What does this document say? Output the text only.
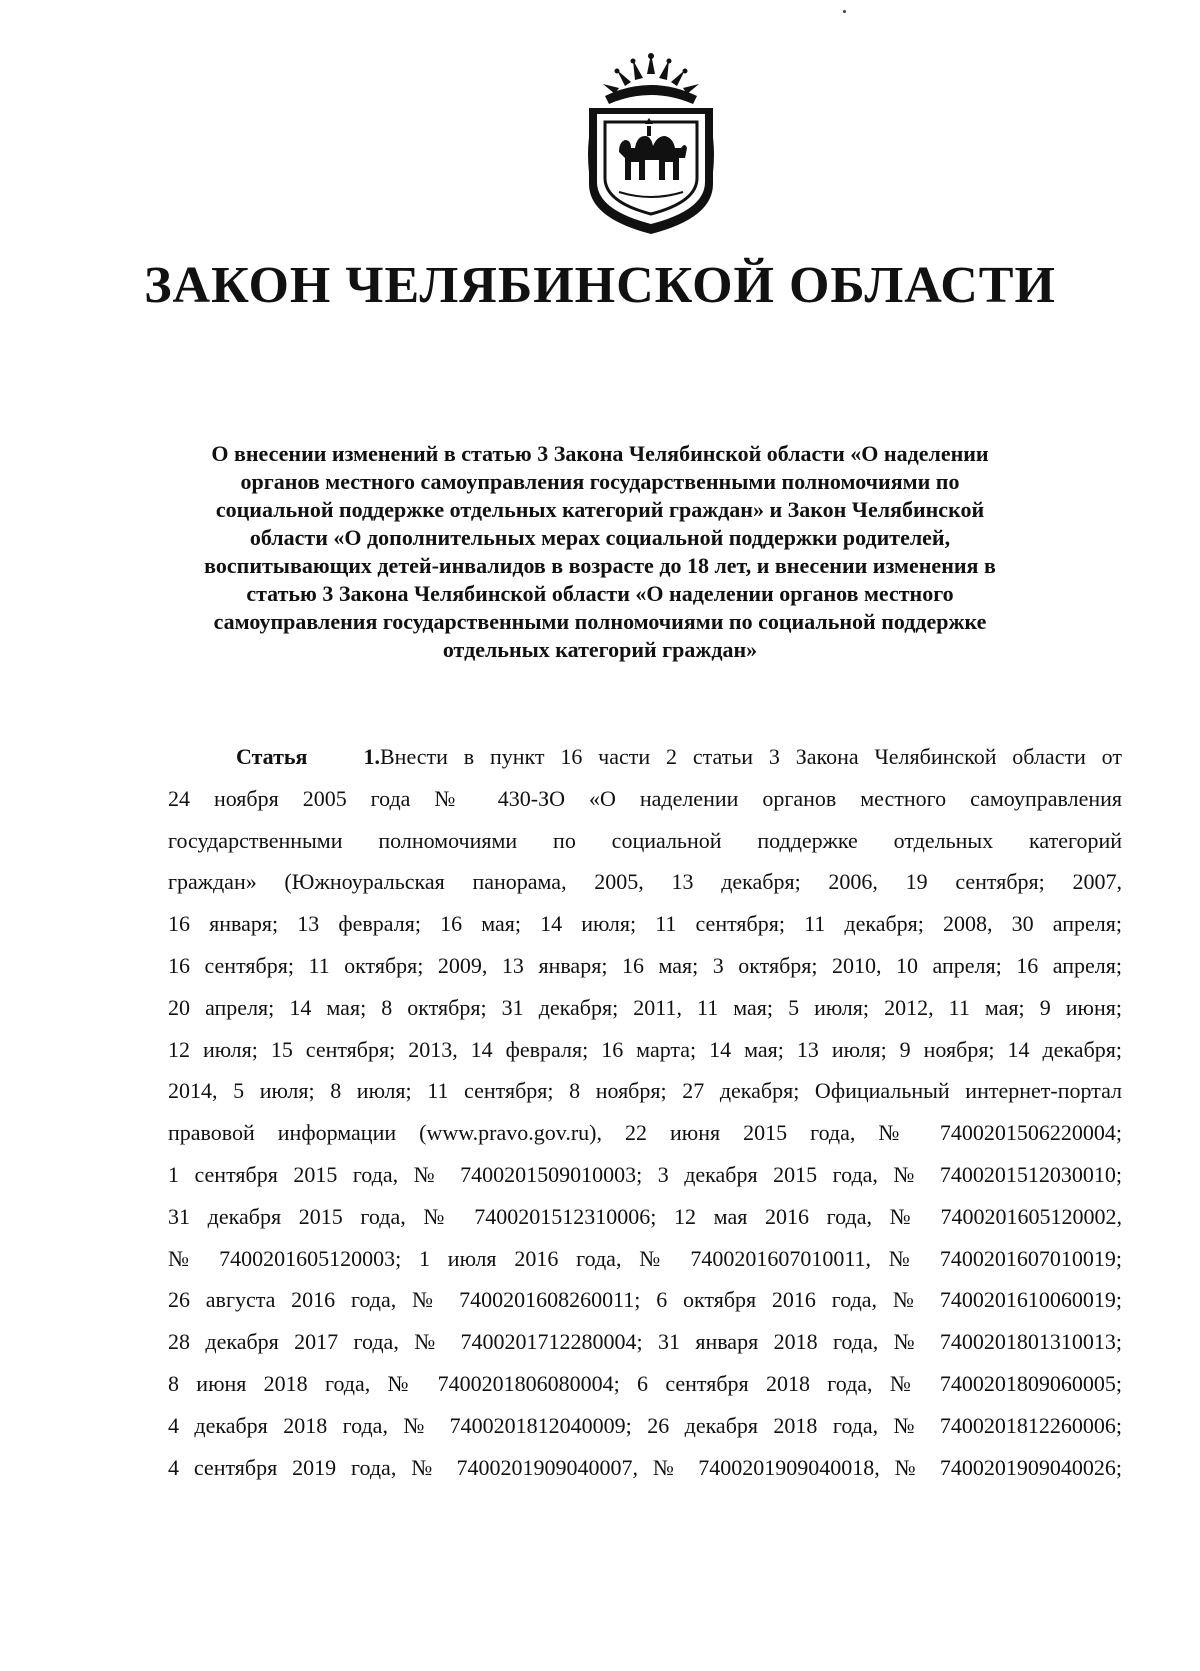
ЗАКОН ЧЕЛЯБИНСКОЙ ОБЛАСТИ
О внесении изменений в статью 3 Закона Челябинской области «О наделении
органов местного самоуправления государственными полномочиями по
социальной поддержке отдельных категорий граждан» и Закон Челябинской
области «О дополнительных мерах социальной поддержки родителей,
воспитывающих детей-инвалидов в возрасте до 18 лет, и внесении изменения в
статью 3 Закона Челябинской области «О наделении органов местного
самоуправления государственными полномочиями по социальной поддержке
отдельных категорий граждан»
Статья 1.Внести в пункт 16 части 2 статьи 3 Закона Челябинской области от
24 ноября 2005 года № 430-ЗО «О наделении органов местного самоуправления
государственными полномочиями по социальной поддержке отдельных категорий
граждан» (Южноуральская панорама, 2005, 13 декабря; 2006, 19 сентября; 2007,
16 января; 13 февраля; 16 мая; 14 июля; 11 сентября; 11 декабря; 2008, 30 апреля;
16 сентября; 11 октября; 2009, 13 января; 16 мая; 3 октября; 2010, 10 апреля; 16 апреля;
20 апреля; 14 мая; 8 октября; 31 декабря; 2011, 11 мая; 5 июля; 2012, 11 мая; 9 июня;
12 июля; 15 сентября; 2013, 14 февраля; 16 марта; 14 мая; 13 июля; 9 ноября; 14 декабря;
2014, 5 июля; 8 июля; 11 сентября; 8 ноября; 27 декабря; Официальный интернет-портал
правовой информации (www.pravo.gov.ru), 22 июня 2015 года, № 7400201506220004;
1 сентября 2015 года, № 7400201509010003; 3 декабря 2015 года, № 7400201512030010;
31 декабря 2015 года, № 7400201512310006; 12 мая 2016 года, № 7400201605120002,
№ 7400201605120003; 1 июля 2016 года, № 7400201607010011, № 7400201607010019;
26 августа 2016 года, № 7400201608260011; 6 октября 2016 года, № 7400201610060019;
28 декабря 2017 года, № 7400201712280004; 31 января 2018 года, № 7400201801310013;
8 июня 2018 года, № 7400201806080004; 6 сентября 2018 года, № 7400201809060005;
4 декабря 2018 года, № 7400201812040009; 26 декабря 2018 года, № 7400201812260006;
4 сентября 2019 года, № 7400201909040007, № 7400201909040018, № 7400201909040026;
